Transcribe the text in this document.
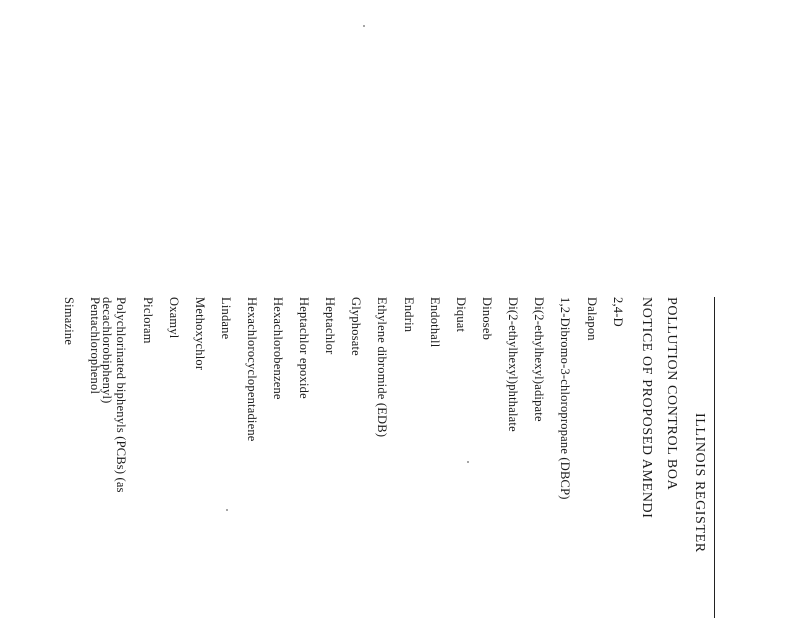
ILLINOIS REGISTER
POLLUTION CONTROL BOA
NOTICE OF PROPOSED AMENDI
2,4-D
Dalapon
1,2-Dibromo-3-chloropropane (DBCP)
Di(2-ethylhexyl)adipate
Di(2-ethylhexyl)phthalate
Dinoseb
Diquat
Endothall
Endrin
Ethylene dibromide (EDB)
Glyphosate
Heptachlor
Heptachlor epoxide
Hexachlorobenzene
Hexachlorocyclopentadiene
Lindane
Methoxychlor
Oxamyl
Picloram
Polychlorinated biphenyls (PCBs) (as
decachlorobiphenyl)
Pentachlorophenol
Simazine
